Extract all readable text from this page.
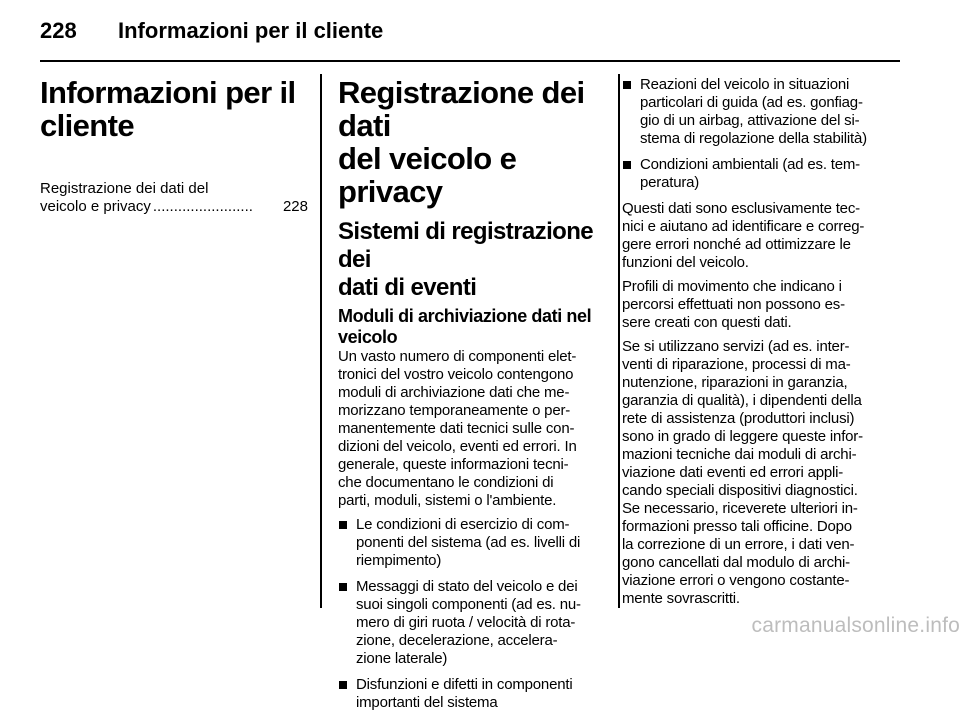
228 Informazioni per il cliente
Informazioni per il
cliente
Registrazione dei dati del
veicolo e privacy ........................	228
Registrazione dei dati
del veicolo e privacy
Sistemi di registrazione dei
dati di eventi
Moduli di archiviazione dati nel
veicolo

Un vasto numero di componenti elet-
tronici del vostro veicolo contengono
moduli di archiviazione dati che me-
morizzano temporaneamente o per-
manentemente dati tecnici sulle con-
dizioni del veicolo, eventi ed errori. In
generale, queste informazioni tecni-
che documentano le condizioni di
parti, moduli, sistemi o l'ambiente.

Le condizioni di esercizio di com-
ponenti del sistema (ad es. livelli di
riempimento)
Messaggi di stato del veicolo e dei
suoi singoli componenti (ad es. nu-
mero di giri ruota / velocità di rota-
zione, decelerazione, accelera-
zione laterale)
Disfunzioni e difetti in componenti
importanti del sistema
Reazioni del veicolo in situazioni
particolari di guida (ad es. gonfiag-
gio di un airbag, attivazione del si-
stema di regolazione della stabilità)
Condizioni ambientali (ad es. tem-
peratura)

Questi dati sono esclusivamente tec-
nici e aiutano ad identificare e correg-
gere errori nonché ad ottimizzare le
funzioni del veicolo.

Profili di movimento che indicano i
percorsi effettuati non possono es-
sere creati con questi dati.

Se si utilizzano servizi (ad es. inter-
venti di riparazione, processi di ma-
nutenzione, riparazioni in garanzia,
garanzia di qualità), i dipendenti della
rete di assistenza (produttori inclusi)
sono in grado di leggere queste infor-
mazioni tecniche dai moduli di archi-
viazione dati eventi ed errori appli-
cando speciali dispositivi diagnostici.
Se necessario, riceverete ulteriori in-
formazioni presso tali officine. Dopo
la correzione di un errore, i dati ven-
gono cancellati dal modulo di archi-
viazione errori o vengono costante-
mente sovrascritti.

carmanualsonline.info
